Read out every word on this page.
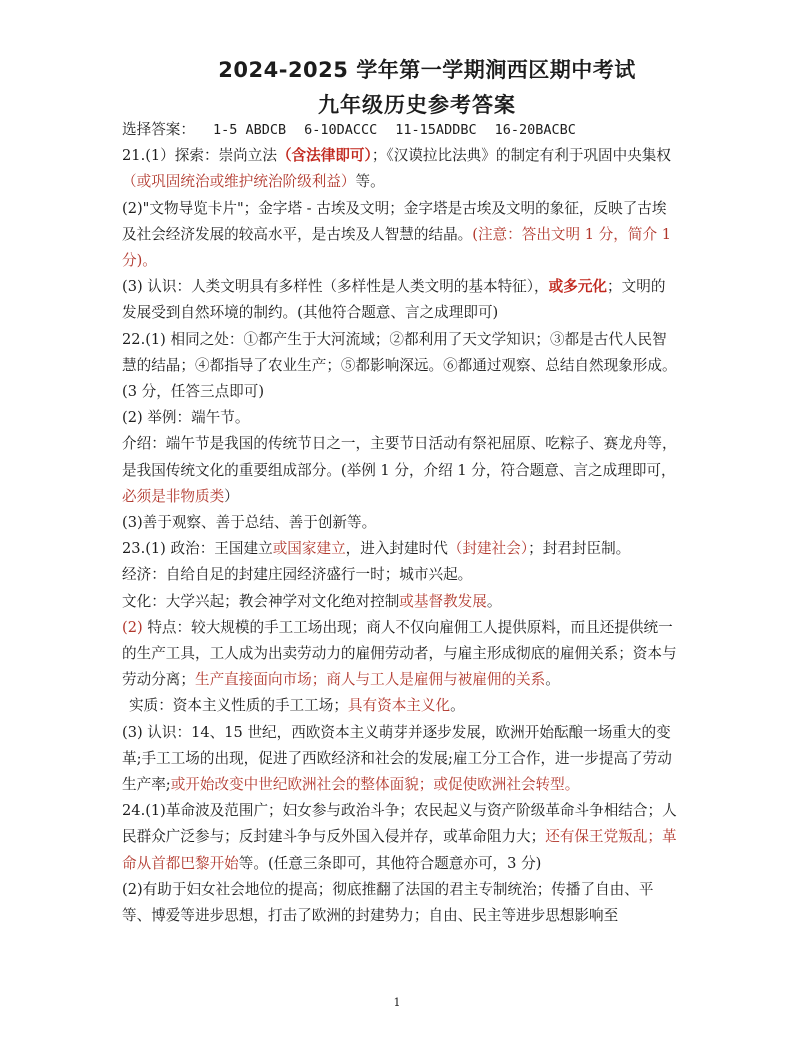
2024-2025 学年第一学期涧西区期中考试
九年级历史参考答案

选择答案： 1-5 ABDCB 6-10DACCC 11-15ADDBC 16-20BACBC

21.(1）探索：崇尚立法（含法律即可）；《汉谟拉比法典》的制定有利于巩固中央集权（或巩固统治或维护统治阶级利益）等。

(2)"文物导览卡片"；金字塔 - 古埃及文明；金字塔是古埃及文明的象征，反映了古埃及社会经济发展的较高水平，是古埃及人智慧的结晶。(注意：答出文明 1 分，简介 1 分)。

(3) 认识：人类文明具有多样性（多样性是人类文明的基本特征），或多元化；文明的发展受到自然环境的制约。(其他符合题意、言之成理即可)

22.(1) 相同之处：①都产生于大河流域；②都利用了天文学知识；③都是古代人民智慧的结晶；④都指导了农业生产；⑤都影响深远。⑥都通过观察、总结自然现象形成。(3 分，任答三点即可)

(2) 举例：端午节。

介绍：端午节是我国的传统节日之一，主要节日活动有祭祀屈原、吃粽子、赛龙舟等，是我国传统文化的重要组成部分。(举例 1 分，介绍 1 分，符合题意、言之成理即可，必须是非物质类）

(3)善于观察、善于总结、善于创新等。

23.(1) 政治：王国建立或国家建立，进入封建时代（封建社会）；封君封臣制。

经济：自给自足的封建庄园经济盛行一时；城市兴起。

文化：大学兴起；教会神学对文化绝对控制或基督教发展。

(2) 特点：较大规模的手工工场出现；商人不仅向雇佣工人提供原料，而且还提供统一的生产工具，工人成为出卖劳动力的雇佣劳动者，与雇主形成彻底的雇佣关系；资本与劳动分离；生产直接面向市场；商人与工人是雇佣与被雇佣的关系。

实质：资本主义性质的手工工场；具有资本主义化。

(3) 认识：14、15 世纪，西欧资本主义萌芽并逐步发展，欧洲开始酝酿一场重大的变革;手工工场的出现，促进了西欧经济和社会的发展;雇工分工合作，进一步提高了劳动生产率;或开始改变中世纪欧洲社会的整体面貌；或促使欧洲社会转型。

24.(1)革命波及范围广；妇女参与政治斗争；农民起义与资产阶级革命斗争相结合；人民群众广泛参与；反封建斗争与反外国入侵并存，或革命阻力大；还有保王党叛乱；革命从首都巴黎开始等。(任意三条即可，其他符合题意亦可，3 分)

(2)有助于妇女社会地位的提高；彻底推翻了法国的君主专制统治；传播了自由、平等、博爱等进步思想，打击了欧洲的封建势力；自由、民主等进步思想影响至

1
